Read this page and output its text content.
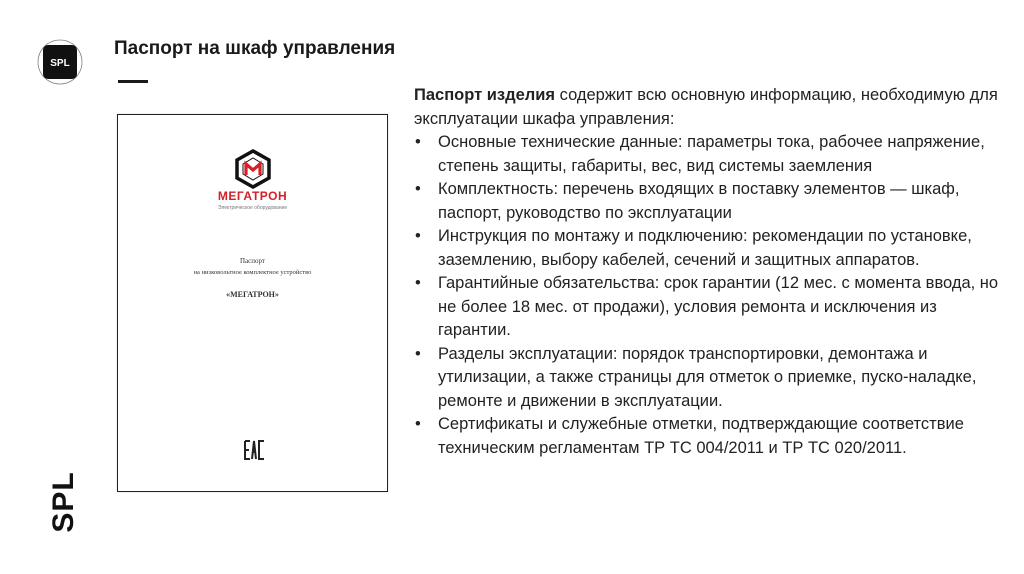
SPL
Паспорт на шкаф управления
SPL
МЕГАТРОН
Электрическое оборудование
Паспорт
на низковольтное комплектное устройство
«МЕГАТРОН»

Паспорт изделия содержит всю основную информацию, необходимую для эксплуатации шкафа управления:

• Основные технические данные: параметры тока, рабочее напряжение, степень защиты, габариты, вес, вид системы заемления
• Комплектность: перечень входящих в поставку элементов — шкаф, паспорт, руководство по эксплуатации
• Инструкция по монтажу и подключению: рекомендации по установке, заземлению, выбору кабелей, сечений и защитных аппаратов.
• Гарантийные обязательства: срок гарантии (12 мес. с момента ввода, но не более 18 мес. от продажи), условия ремонта и исключения из гарантии.
• Разделы эксплуатации: порядок транспортировки, демонтажа и утилизации, а также страницы для отметок о приемке, пуско-наладке, ремонте и движении в эксплуатации.
• Сертификаты и служебные отметки, подтверждающие соответствие техническим регламентам ТР ТС 004/2011 и ТР ТС 020/2011.
